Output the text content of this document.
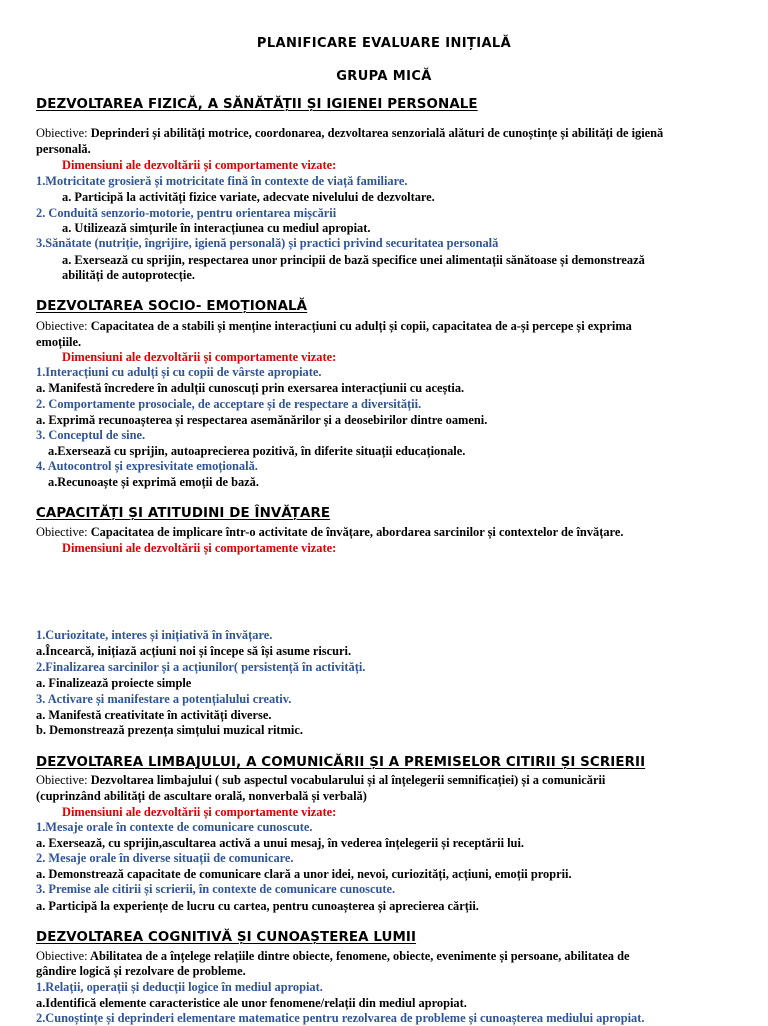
PLANIFICARE EVALUARE INIȚIALĂ

GRUPA MICĂ

DEZVOLTAREA FIZICĂ, A SĂNĂTĂȚII ȘI IGIENEI PERSONALE

Obiective: Deprinderi și abilități motrice, coordonarea, dezvoltarea senzorială alături de cunoștințe și abilități de igienă

personală.

Dimensiuni ale dezvoltării și comportamente vizate:

1.Motricitate grosieră și motricitate fină în contexte de viață familiare.

a. Participă la activități fizice variate, adecvate nivelului de dezvoltare.

2. Conduită senzorio-motorie, pentru orientarea mișcării

a. Utilizează simțurile în interacțiunea cu mediul apropiat.

3.Sănătate (nutriție, îngrijire, igienă personală) și practici privind securitatea personală

a. Exersează cu sprijin, respectarea unor principii de bază specifice unei alimentații sănătoase și demonstrează

abilități de autoprotecție.

DEZVOLTAREA SOCIO- EMOȚIONALĂ

Obiective: Capacitatea de a stabili și menține interacțiuni cu adulți și copii, capacitatea de a-și percepe și exprima

emoțiile.

Dimensiuni ale dezvoltării și comportamente vizate:

1.Interacțiuni cu adulți și cu copii de vârste apropiate.

a. Manifestă încredere în adulții cunoscuți prin exersarea interacțiunii cu aceștia.

2. Comportamente prosociale, de acceptare și de respectare a diversității.

a. Exprimă recunoașterea și respectarea asemănărilor și a deosebirilor dintre oameni.

3. Conceptul de sine.

a.Exersează cu sprijin, autoaprecierea pozitivă, în diferite situații educaționale.

4. Autocontrol și expresivitate emoțională.

a.Recunoaște și exprimă emoții de bază.

CAPACITĂȚI ȘI ATITUDINI DE ÎNVĂȚARE

Obiective: Capacitatea de implicare într-o activitate de învățare, abordarea sarcinilor și contextelor de învățare.

Dimensiuni ale dezvoltării și comportamente vizate:

1.Curiozitate, interes și inițiativă în învățare.

a.Încearcă, inițiază acțiuni noi și începe să își asume riscuri.

2.Finalizarea sarcinilor și a acțiunilor( persistență în activități.

a. Finalizează proiecte simple

3. Activare și manifestare a potențialului creativ.

a. Manifestă creativitate în activități diverse.

b. Demonstrează prezența simțului muzical ritmic.

DEZVOLTAREA LIMBAJULUI, A COMUNICĂRII ȘI A PREMISELOR CITIRII ȘI SCRIERII

Obiective: Dezvoltarea limbajului ( sub aspectul vocabularului și al înțelegerii semnificației) și a comunicării

(cuprinzând abilități de ascultare orală, nonverbală și verbală)

Dimensiuni ale dezvoltării și comportamente vizate:

1.Mesaje orale în contexte de comunicare cunoscute.

a. Exersează, cu sprijin,ascultarea activă a unui mesaj, în vederea înțelegerii și receptării lui.

2. Mesaje orale în diverse situații de comunicare.

a. Demonstrează capacitate de comunicare clară a unor idei, nevoi, curiozități, acțiuni, emoții proprii.

3. Premise ale citirii și scrierii, în contexte de comunicare cunoscute.

a. Participă la experiențe de lucru cu cartea, pentru cunoașterea și aprecierea cărții.

DEZVOLTAREA COGNITIVĂ ȘI CUNOAȘTEREA LUMII

Obiective: Abilitatea de a înțelege relațiile dintre obiecte, fenomene, obiecte, evenimente și persoane, abilitatea de

gândire logică și rezolvare de probleme.

1.Relații, operații și deducții logice în mediul apropiat.

a.Identifică elemente caracteristice ale unor fenomene/relații din mediul apropiat.

2.Cunoștințe și deprinderi elementare matematice pentru rezolvarea de probleme și cunoașterea mediului apropiat.
